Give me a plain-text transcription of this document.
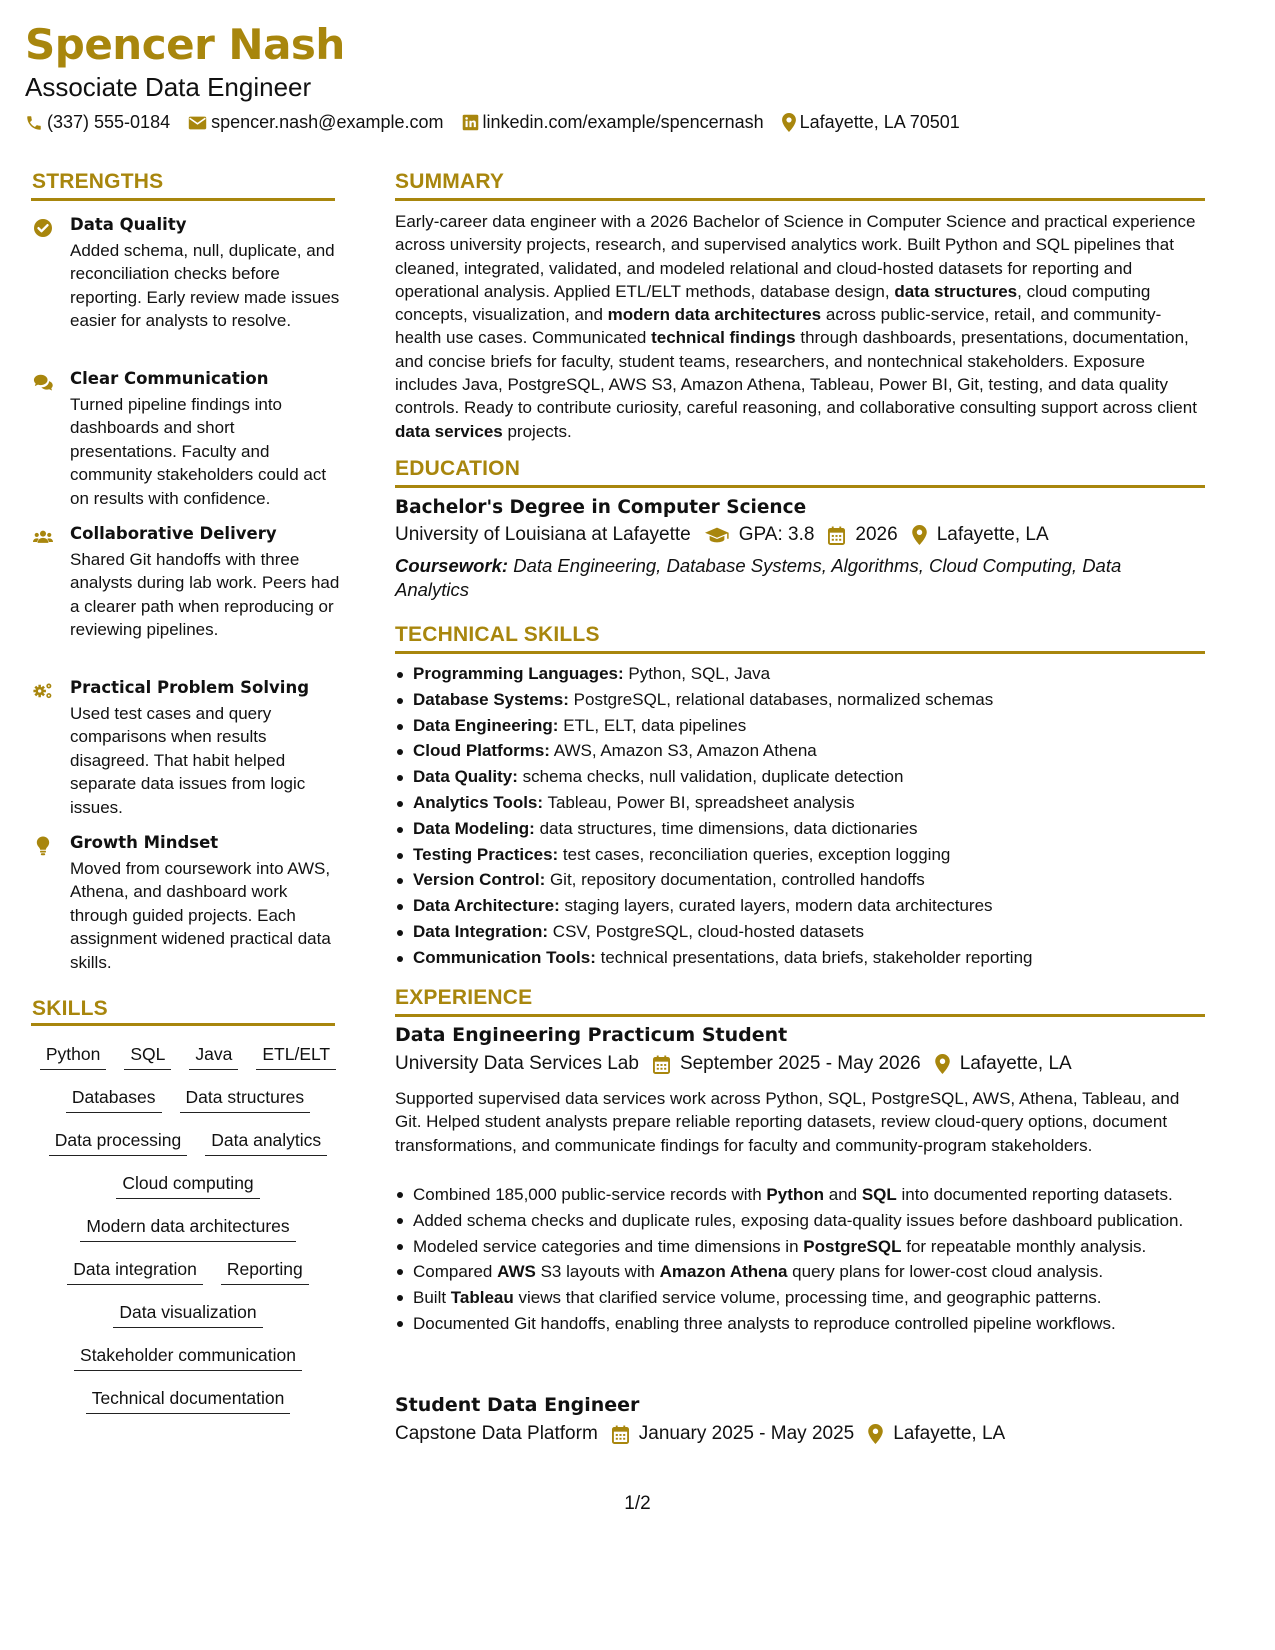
Spencer Nash
Associate Data Engineer
(337) 555-0184 spencer.nash@example.com linkedin.com/example/spencernash Lafayette, LA 70501
STRENGTHS
Data Quality
Added schema, null, duplicate, and reconciliation checks before reporting. Early review made issues easier for analysts to resolve.
Clear Communication
Turned pipeline findings into dashboards and short presentations. Faculty and community stakeholders could act on results with confidence.
Collaborative Delivery
Shared Git handoffs with three analysts during lab work. Peers had a clearer path when reproducing or reviewing pipelines.
Practical Problem Solving
Used test cases and query comparisons when results disagreed. That habit helped separate data issues from logic issues.
Growth Mindset
Moved from coursework into AWS, Athena, and dashboard work through guided projects. Each assignment widened practical data skills.
SKILLS
Python	SQL	Java	ETL/ELT
Databases	Data structures
Data processing	Data analytics
Cloud computing
Modern data architectures
Data integration	Reporting
Data visualization
Stakeholder communication
Technical documentation
SUMMARY
Early-career data engineer with a 2026 Bachelor of Science in Computer Science and practical experience across university projects, research, and supervised analytics work. Built Python and SQL pipelines that cleaned, integrated, validated, and modeled relational and cloud-hosted datasets for reporting and operational analysis. Applied ETL/ELT methods, database design, data structures, cloud computing concepts, visualization, and modern data architectures across public-service, retail, and community-health use cases. Communicated technical findings through dashboards, presentations, documentation, and concise briefs for faculty, student teams, researchers, and nontechnical stakeholders. Exposure includes Java, PostgreSQL, AWS S3, Amazon Athena, Tableau, Power BI, Git, testing, and data quality controls. Ready to contribute curiosity, careful reasoning, and collaborative consulting support across client data services projects.
EDUCATION
Bachelor's Degree in Computer Science
University of Louisiana at Lafayette	GPA: 3.8 2026 Lafayette, LA
Coursework: Data Engineering, Database Systems, Algorithms, Cloud Computing, Data Analytics
TECHNICAL SKILLS
Programming Languages: Python, SQL, Java
Database Systems: PostgreSQL, relational databases, normalized schemas
Data Engineering: ETL, ELT, data pipelines
Cloud Platforms: AWS, Amazon S3, Amazon Athena
Data Quality: schema checks, null validation, duplicate detection
Analytics Tools: Tableau, Power BI, spreadsheet analysis
Data Modeling: data structures, time dimensions, data dictionaries
Testing Practices: test cases, reconciliation queries, exception logging
Version Control: Git, repository documentation, controlled handoffs
Data Architecture: staging layers, curated layers, modern data architectures
Data Integration: CSV, PostgreSQL, cloud-hosted datasets
Communication Tools: technical presentations, data briefs, stakeholder reporting
EXPERIENCE
Data Engineering Practicum Student
University Data Services Lab September 2025 - May 2026 Lafayette, LA
Supported supervised data services work across Python, SQL, PostgreSQL, AWS, Athena, Tableau, and Git. Helped student analysts prepare reliable reporting datasets, review cloud-query options, document transformations, and communicate findings for faculty and community-program stakeholders.
Combined 185,000 public-service records with Python and SQL into documented reporting datasets.
Added schema checks and duplicate rules, exposing data-quality issues before dashboard publication.
Modeled service categories and time dimensions in PostgreSQL for repeatable monthly analysis.
Compared AWS S3 layouts with Amazon Athena query plans for lower-cost cloud analysis.
Built Tableau views that clarified service volume, processing time, and geographic patterns.
Documented Git handoffs, enabling three analysts to reproduce controlled pipeline workflows.
Student Data Engineer
Capstone Data Platform January 2025 - May 2025 Lafayette, LA
1/2
